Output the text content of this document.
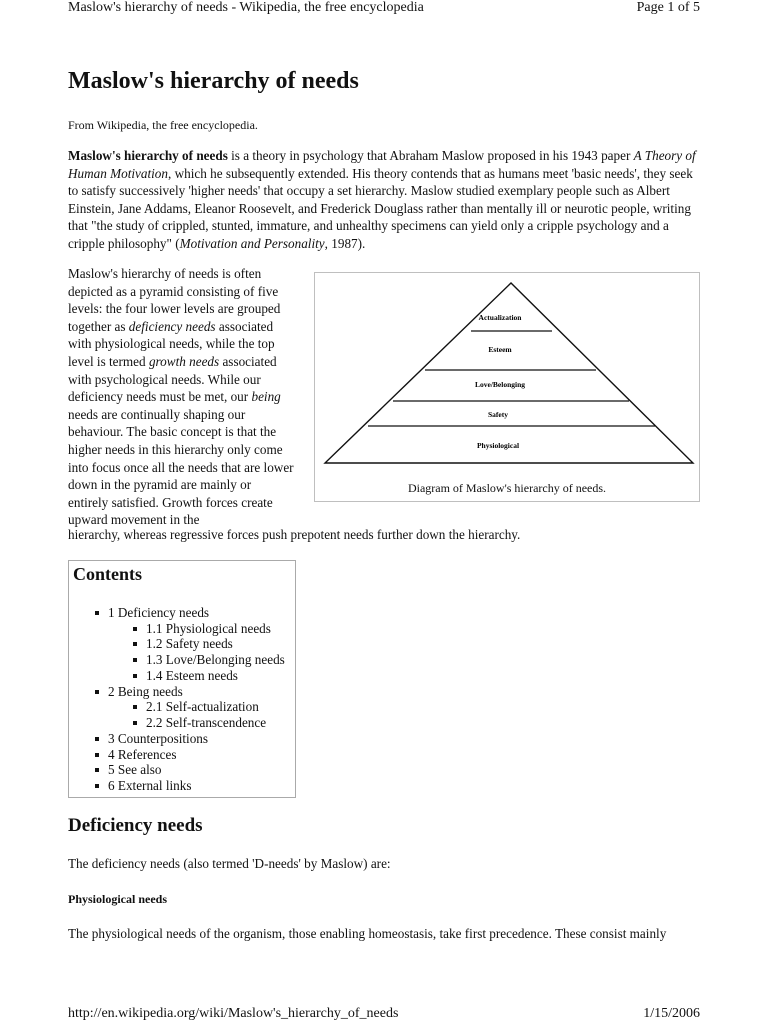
Maslow's hierarchy of needs - Wikipedia, the free encyclopedia	Page 1 of 5
Maslow's hierarchy of needs
From Wikipedia, the free encyclopedia.

Maslow's hierarchy of needs is a theory in psychology that Abraham Maslow proposed in his 1943 paper A Theory of Human Motivation, which he subsequently extended. His theory contends that as humans meet 'basic needs', they seek to satisfy successively 'higher needs' that occupy a set hierarchy. Maslow studied exemplary people such as Albert Einstein, Jane Addams, Eleanor Roosevelt, and Frederick Douglass rather than mentally ill or neurotic people, writing that "the study of crippled, stunted, immature, and unhealthy specimens can yield only a cripple psychology and a cripple philosophy" (Motivation and Personality, 1987).

Maslow's hierarchy of needs is often depicted as a pyramid consisting of five levels: the four lower levels are grouped together as deficiency needs associated with physiological needs, while the top level is termed growth needs associated with psychological needs. While our deficiency needs must be met, our being needs are continually shaping our behaviour. The basic concept is that the higher needs in this hierarchy only come into focus once all the needs that are lower down in the pyramid are mainly or entirely satisfied. Growth forces create upward movement in the

hierarchy, whereas regressive forces push prepotent needs further down the hierarchy.

Actualization
Esteem
Love/Belonging
Safety
Physiological
Diagram of Maslow's hierarchy of needs.
Contents
1 Deficiency needs
1.1 Physiological needs
1.2 Safety needs
1.3 Love/Belonging needs
1.4 Esteem needs
2 Being needs
2.1 Self-actualization
2.2 Self-transcendence
3 Counterpositions
4 References
5 See also
6 External links
Deficiency needs
The deficiency needs (also termed 'D-needs' by Maslow) are:
Physiological needs
The physiological needs of the organism, those enabling homeostasis, take first precedence. These consist mainly
http://en.wikipedia.org/wiki/Maslow's_hierarchy_of_needs	1/15/2006
